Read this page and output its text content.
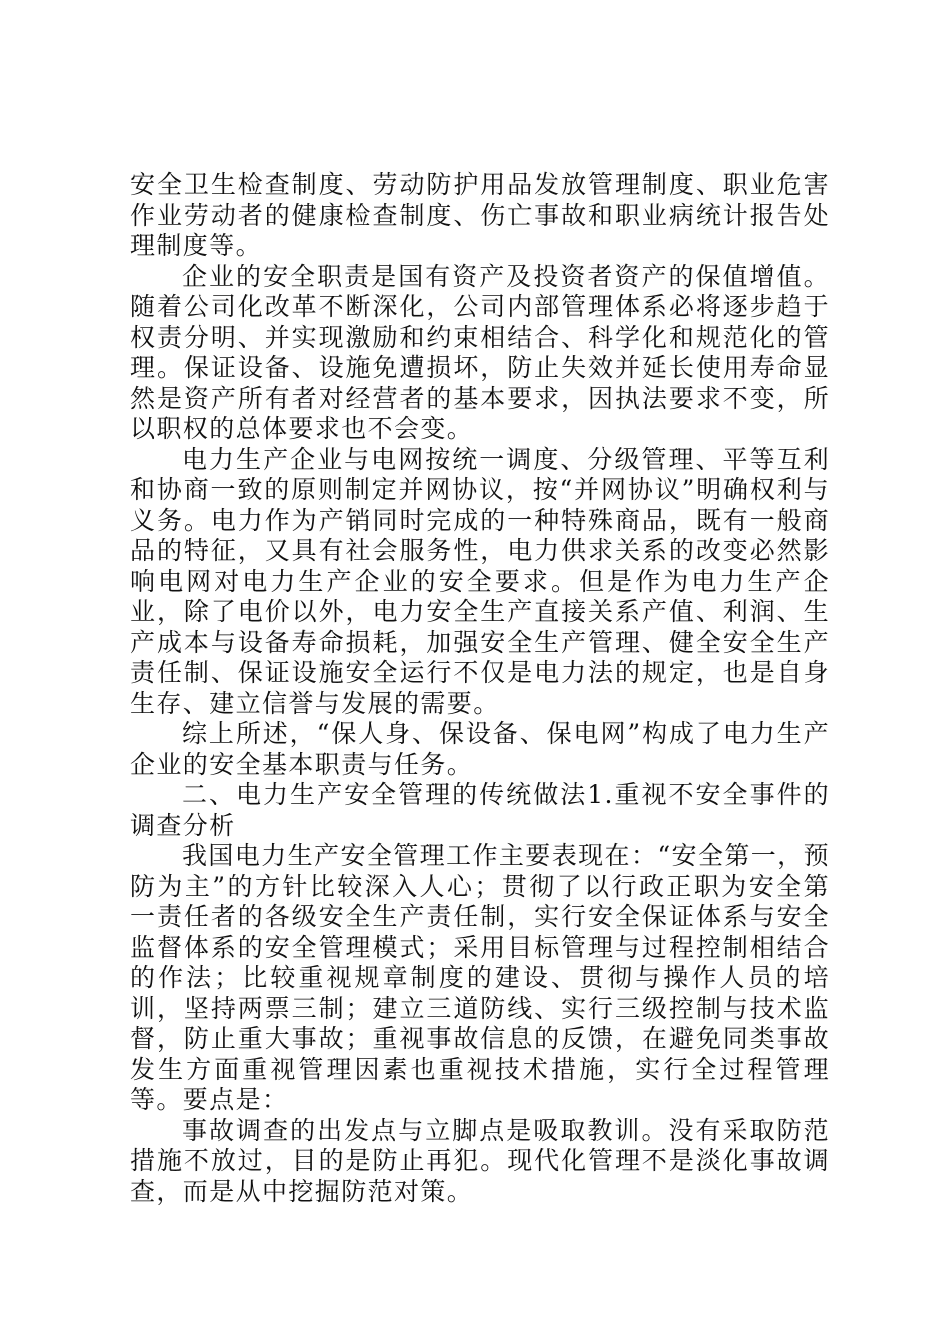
安全卫生检查制度、劳动防护用品发放管理制度、职业危害作业劳动者的健康检查制度、伤亡事故和职业病统计报告处理制度等。

企业的安全职责是国有资产及投资者资产的保值增值。随着公司化改革不断深化，公司内部管理体系必将逐步趋于权责分明、并实现激励和约束相结合、科学化和规范化的管理。保证设备、设施免遭损坏，防止失效并延长使用寿命显然是资产所有者对经营者的基本要求，因执法要求不变，所以职权的总体要求也不会变。

电力生产企业与电网按统一调度、分级管理、平等互利和协商一致的原则制定并网协议，按“并网协议”明确权利与义务。电力作为产销同时完成的一种特殊商品，既有一般商品的特征，又具有社会服务性，电力供求关系的改变必然影响电网对电力生产企业的安全要求。但是作为电力生产企业，除了电价以外，电力安全生产直接关系产值、利润、生产成本与设备寿命损耗，加强安全生产管理、健全安全生产责任制、保证设施安全运行不仅是电力法的规定，也是自身生存、建立信誉与发展的需要。

综上所述，“保人身、保设备、保电网”构成了电力生产企业的安全基本职责与任务。

二、电力生产安全管理的传统做法1.重视不安全事件的调查分析

我国电力生产安全管理工作主要表现在：“安全第一，预防为主”的方针比较深入人心；贯彻了以行政正职为安全第一责任者的各级安全生产责任制，实行安全保证体系与安全监督体系的安全管理模式；采用目标管理与过程控制相结合的作法；比较重视规章制度的建设、贯彻与操作人员的培训，坚持两票三制；建立三道防线、实行三级控制与技术监督，防止重大事故；重视事故信息的反馈，在避免同类事故发生方面重视管理因素也重视技术措施，实行全过程管理等。要点是：

事故调查的出发点与立脚点是吸取教训。没有采取防范措施不放过，目的是防止再犯。现代化管理不是淡化事故调查，而是从中挖掘防范对策。
